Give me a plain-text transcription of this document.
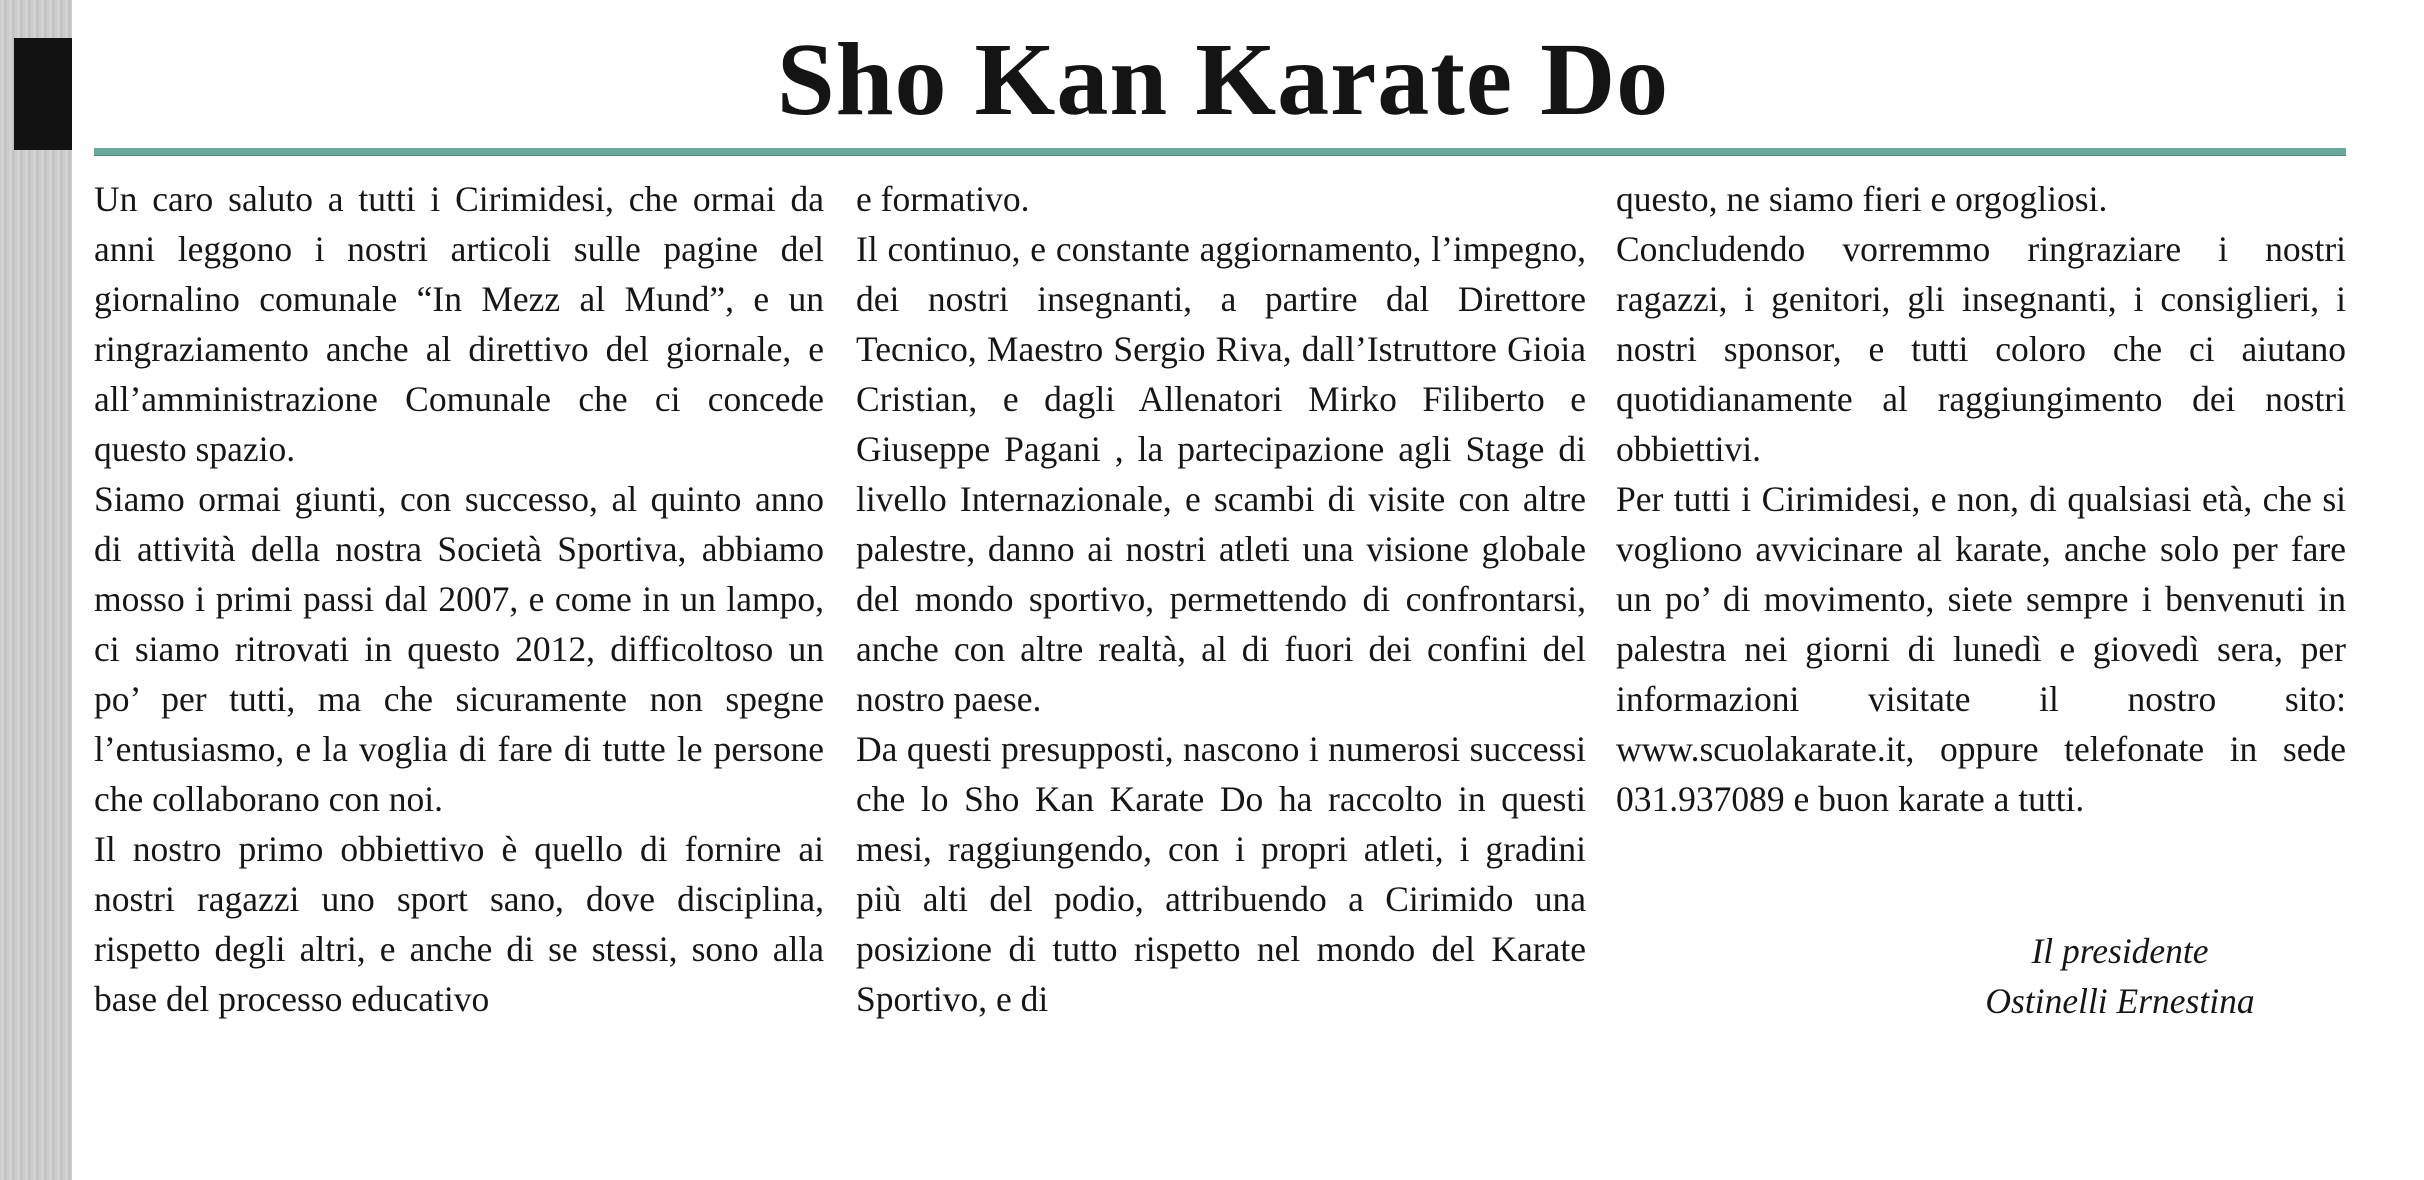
Sho Kan Karate Do

Un caro saluto a tutti i Cirimidesi, che ormai da anni leggono i nostri articoli sulle pagine del giornalino comunale “In Mezz al Mund”, e un ringraziamento anche al direttivo del giornale, e all’amministrazione Comunale che ci concede questo spazio.

Siamo ormai giunti, con successo, al quinto anno di attività della nostra Società Sportiva, abbiamo mosso i primi passi dal 2007, e come in un lampo, ci siamo ritrovati in questo 2012, difficoltoso un po’ per tutti, ma che sicuramente non spegne l’entusiasmo, e la voglia di fare di tutte le persone che collaborano con noi.

Il nostro primo obbiettivo è quello di fornire ai nostri ragazzi uno sport sano, dove disciplina, rispetto degli altri, e anche di se stessi, sono alla base del processo educativo

e formativo.

Il continuo, e constante aggiornamento, l’impegno, dei nostri insegnanti, a partire dal Direttore Tecnico, Maestro Sergio Riva, dall’Istruttore Gioia Cristian, e dagli Allenatori Mirko Filiberto e Giuseppe Pagani , la partecipazione agli Stage di livello Internazionale, e scambi di visite con altre palestre, danno ai nostri atleti una visione globale del mondo sportivo, permettendo di confrontarsi, anche con altre realtà, al di fuori dei confini del nostro paese.

Da questi presupposti, nascono i numerosi successi che lo Sho Kan Karate Do ha raccolto in questi mesi, raggiungendo, con i propri atleti, i gradini più alti del podio, attribuendo a Cirimido una posizione di tutto rispetto nel mondo del Karate Sportivo, e di

questo, ne siamo fieri e orgogliosi.

Concludendo vorremmo ringraziare i nostri ragazzi, i genitori, gli insegnanti, i consiglieri, i nostri sponsor, e tutti coloro che ci aiutano quotidianamente al raggiungimento dei nostri obbiettivi.

Per tutti i Cirimidesi, e non, di qualsiasi età, che si vogliono avvicinare al karate, anche solo per fare un po’ di movimento, siete sempre i benvenuti in palestra nei giorni di lunedì e giovedì sera, per informazioni visitate il nostro sito: www.scuolakarate.it, oppure telefonate in sede 031.937089 e buon karate a tutti.

Il presidente
Ostinelli Ernestina
